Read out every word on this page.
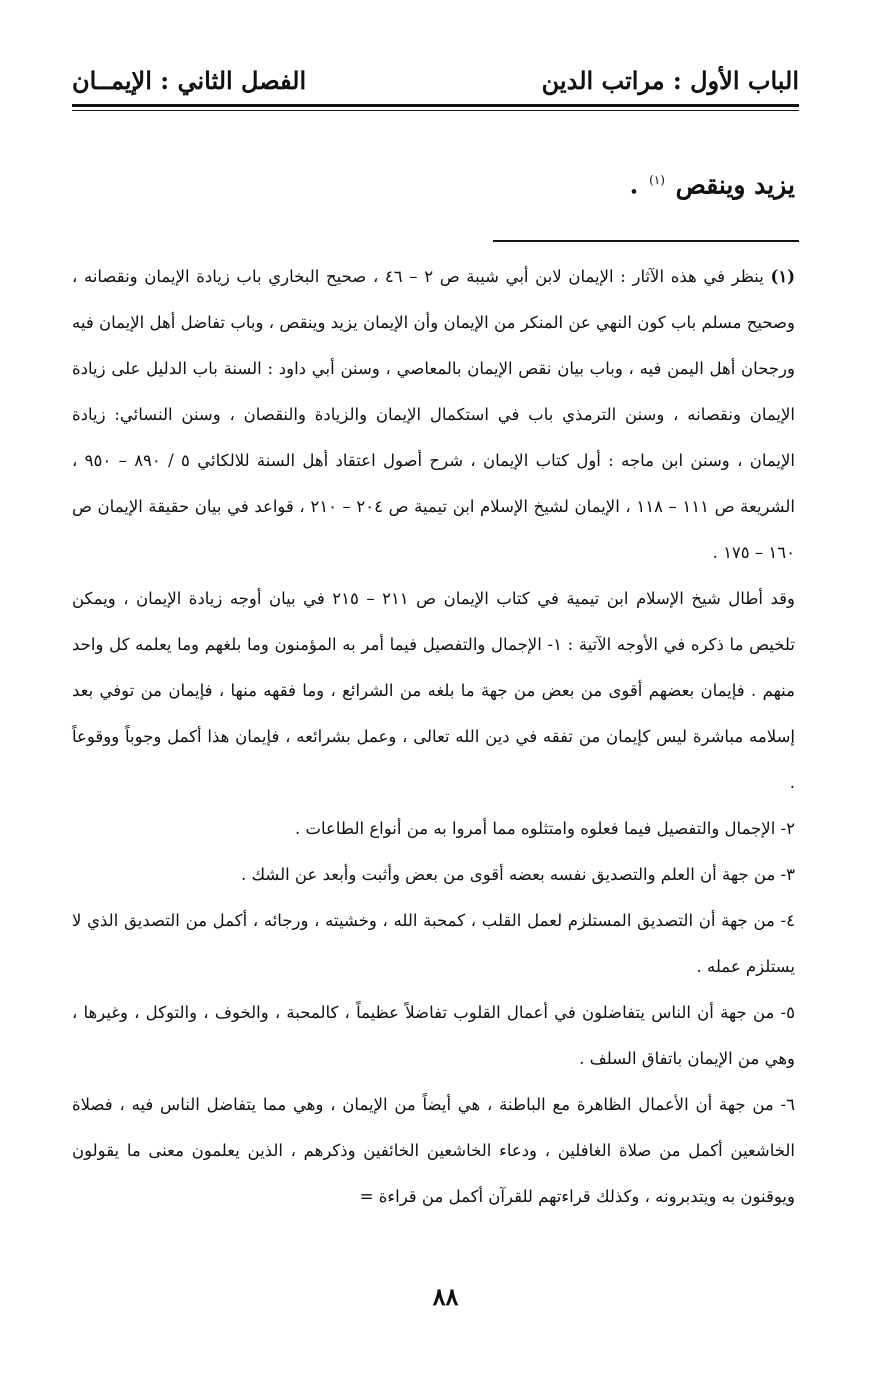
الباب الأول : مراتب الدين
الفصل الثاني : الإيمــان
يزيد وينقص $^{(١)}$ .

(١) ينظر في هذه الآثار : الإيمان لابن أبي شيبة ص ٢ – ٤٦ ، صحيح البخاري باب زيادة الإيمان ونقصانه ، وصحيح مسلم باب كون النهي عن المنكر من الإيمان وأن الإيمان يزيد وينقص ، وباب تفاضل أهل الإيمان فيه ورجحان أهل اليمن فيه ، وباب بيان نقص الإيمان بالمعاصي ، وسنن أبي داود : السنة باب الدليل على زيادة الإيمان ونقصانه ، وسنن الترمذي باب في استكمال الإيمان والزيادة والنقصان ، وسنن النسائي: زيادة الإيمان ، وسنن ابن ماجه : أول كتاب الإيمان ، شرح أصول اعتقاد أهل السنة للالكائي ٥ / ٨٩٠ – ٩٥٠ ، الشريعة ص ١١١ – ١١٨ ، الإيمان لشيخ الإسلام ابن تيمية ص ٢٠٤ – ٢١٠ ، قواعد في بيان حقيقة الإيمان ص ١٦٠ – ١٧٥ .

وقد أطال شيخ الإسلام ابن تيمية في كتاب الإيمان ص ٢١١ – ٢١٥ في بيان أوجه زيادة الإيمان ، ويمكن تلخيص ما ذكره في الأوجه الآتية : ١- الإجمال والتفصيل فيما أمر به المؤمنون وما بلغهم وما يعلمه كل واحد منهم . فإيمان بعضهم أقوى من بعض من جهة ما بلغه من الشرائع ، وما فقهه منها ، فإيمان من توفي بعد إسلامه مباشرة ليس كإيمان من تفقه في دين الله تعالى ، وعمل بشرائعه ، فإيمان هذا أكمل وجوباً ووقوعاً .

٢- الإجمال والتفصيل فيما فعلوه وامتثلوه مما أمروا به من أنواع الطاعات .

٣- من جهة أن العلم والتصديق نفسه بعضه أقوى من بعض وأثبت وأبعد عن الشك .

٤- من جهة أن التصديق المستلزم لعمل القلب ، كمحبة الله ، وخشيته ، ورجائه ، أكمل من التصديق الذي لا يستلزم عمله .

٥- من جهة أن الناس يتفاضلون في أعمال القلوب تفاضلاً عظيماً ، كالمحبة ، والخوف ، والتوكل ، وغيرها ، وهي من الإيمان باتفاق السلف .

٦- من جهة أن الأعمال الظاهرة مع الباطنة ، هي أيضاً من الإيمان ، وهي مما يتفاضل الناس فيه ، فصلاة الخاشعين أكمل من صلاة الغافلين ، ودعاء الخاشعين الخائفين وذكرهم ، الذين يعلمون معنى ما يقولون ويوقنون به ويتدبرونه ، وكذلك قراءتهم للقرآن أكمل من قراءة =

٨٨
